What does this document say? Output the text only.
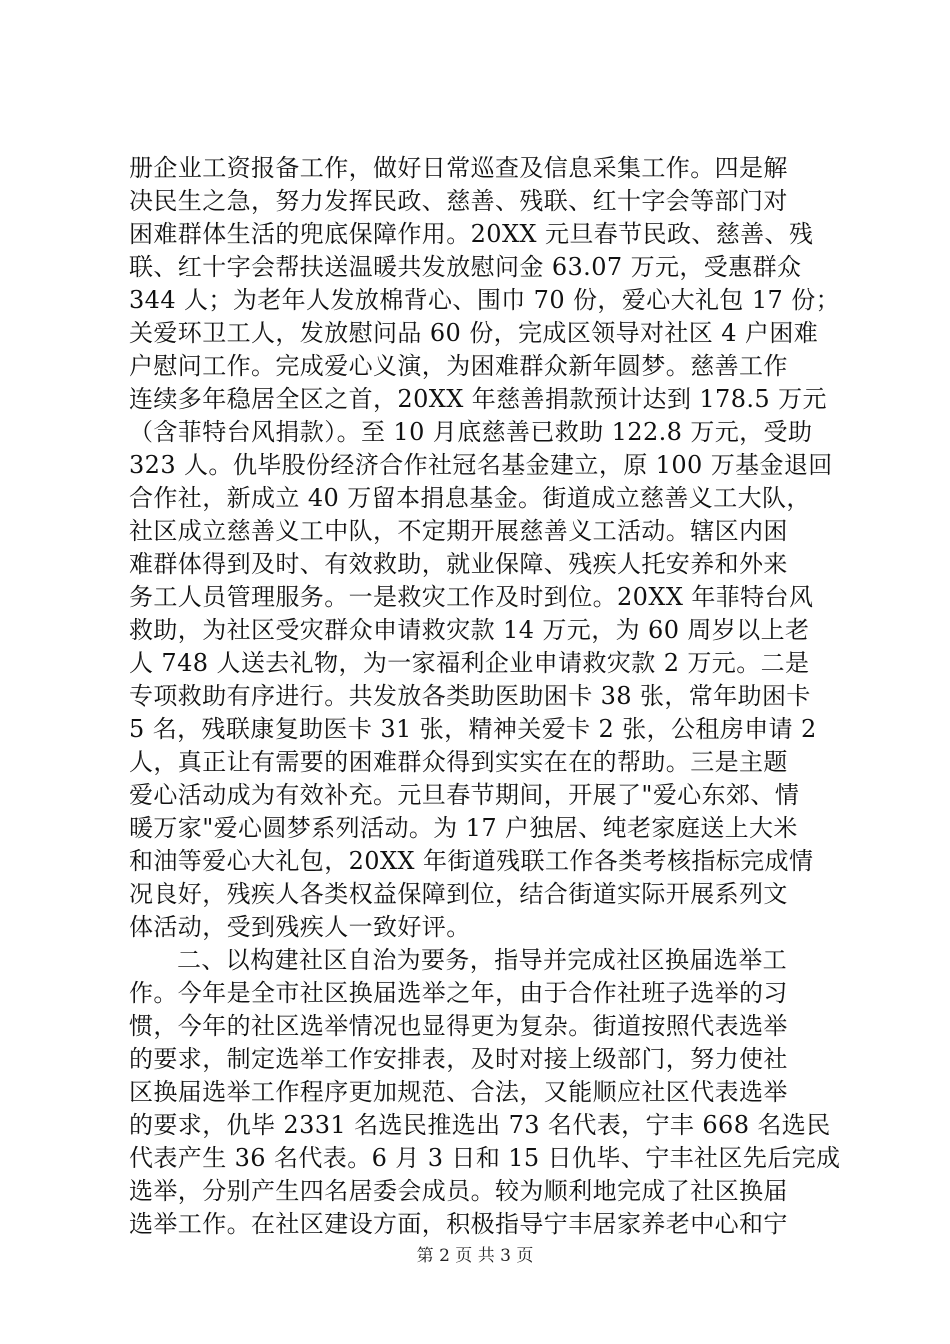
册企业工资报备工作，做好日常巡查及信息采集工作。四是解
决民生之急，努力发挥民政、慈善、残联、红十字会等部门对
困难群体生活的兜底保障作用。20XX 元旦春节民政、慈善、残
联、红十字会帮扶送温暖共发放慰问金 63.07 万元，受惠群众
344 人；为老年人发放棉背心、围巾 70 份，爱心大礼包 17 份；
关爱环卫工人，发放慰问品 60 份，完成区领导对社区 4 户困难
户慰问工作。完成爱心义演，为困难群众新年圆梦。慈善工作
连续多年稳居全区之首，20XX 年慈善捐款预计达到 178.5 万元
（含菲特台风捐款）。至 10 月底慈善已救助 122.8 万元，受助
323 人。仇毕股份经济合作社冠名基金建立，原 100 万基金退回
合作社，新成立 40 万留本捐息基金。街道成立慈善义工大队，
社区成立慈善义工中队，不定期开展慈善义工活动。辖区内困
难群体得到及时、有效救助，就业保障、残疾人托安养和外来
务工人员管理服务。一是救灾工作及时到位。20XX 年菲特台风
救助，为社区受灾群众申请救灾款 14 万元，为 60 周岁以上老
人 748 人送去礼物，为一家福利企业申请救灾款 2 万元。二是
专项救助有序进行。共发放各类助医助困卡 38 张，常年助困卡
5 名，残联康复助医卡 31 张，精神关爱卡 2 张，公租房申请 2
人，真正让有需要的困难群众得到实实在在的帮助。三是主题
爱心活动成为有效补充。元旦春节期间，开展了"爱心东郊、情
暖万家"爱心圆梦系列活动。为 17 户独居、纯老家庭送上大米
和油等爱心大礼包，20XX 年街道残联工作各类考核指标完成情
况良好，残疾人各类权益保障到位，结合街道实际开展系列文
体活动，受到残疾人一致好评。
二、以构建社区自治为要务，指导并完成社区换届选举工
作。今年是全市社区换届选举之年，由于合作社班子选举的习
惯，今年的社区选举情况也显得更为复杂。街道按照代表选举
的要求，制定选举工作安排表，及时对接上级部门，努力使社
区换届选举工作程序更加规范、合法，又能顺应社区代表选举
的要求，仇毕 2331 名选民推选出 73 名代表，宁丰 668 名选民
代表产生 36 名代表。6 月 3 日和 15 日仇毕、宁丰社区先后完成
选举，分别产生四名居委会成员。较为顺利地完成了社区换届
选举工作。在社区建设方面，积极指导宁丰居家养老中心和宁
第 2 页 共 3 页
